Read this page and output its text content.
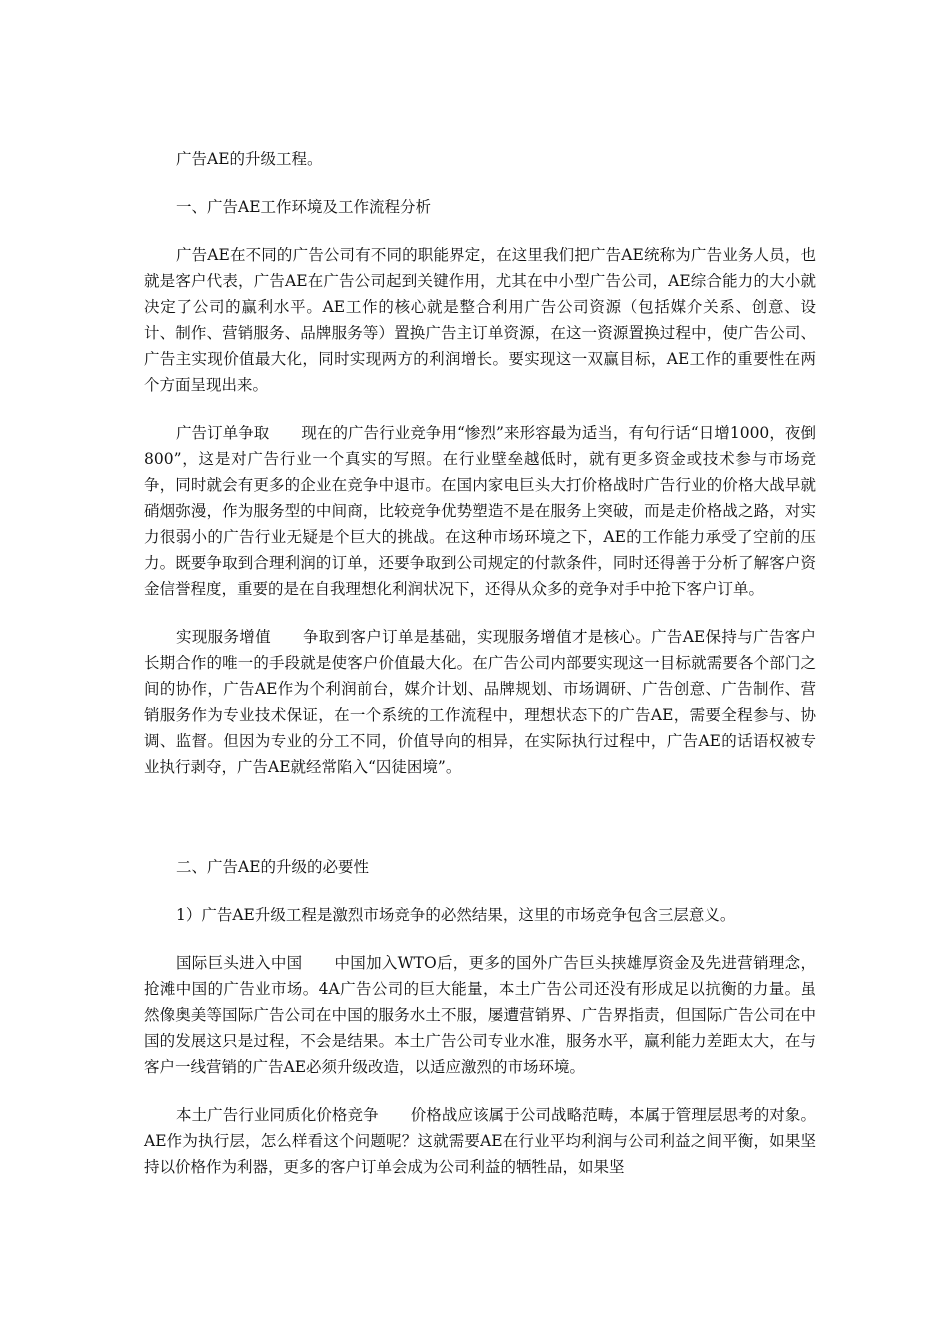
广告AE的升级工程。

一、广告AE工作环境及工作流程分析

广告AE在不同的广告公司有不同的职能界定，在这里我们把广告AE统称为广告业务人员，也就是客户代表，广告AE在广告公司起到关键作用，尤其在中小型广告公司，AE综合能力的大小就决定了公司的赢利水平。AE工作的核心就是整合利用广告公司资源（包括媒介关系、创意、设计、制作、营销服务、品牌服务等）置换广告主订单资源，在这一资源置换过程中，使广告公司、广告主实现价值最大化，同时实现两方的利润增长。要实现这一双赢目标，AE工作的重要性在两个方面呈现出来。

广告订单争取 现在的广告行业竞争用“惨烈”来形容最为适当，有句行话“日增1000，夜倒800”，这是对广告行业一个真实的写照。在行业壁垒越低时，就有更多资金或技术参与市场竞争，同时就会有更多的企业在竞争中退市。在国内家电巨头大打价格战时广告行业的价格大战早就硝烟弥漫，作为服务型的中间商，比较竞争优势塑造不是在服务上突破，而是走价格战之路，对实力很弱小的广告行业无疑是个巨大的挑战。在这种市场环境之下，AE的工作能力承受了空前的压力。既要争取到合理利润的订单，还要争取到公司规定的付款条件，同时还得善于分析了解客户资金信誉程度，重要的是在自我理想化利润状况下，还得从众多的竞争对手中抢下客户订单。

实现服务增值 争取到客户订单是基础，实现服务增值才是核心。广告AE保持与广告客户长期合作的唯一的手段就是使客户价值最大化。在广告公司内部要实现这一目标就需要各个部门之间的协作，广告AE作为个利润前台，媒介计划、品牌规划、市场调研、广告创意、广告制作、营销服务作为专业技术保证，在一个系统的工作流程中，理想状态下的广告AE，需要全程参与、协调、监督。但因为专业的分工不同，价值导向的相异，在实际执行过程中，广告AE的话语权被专业执行剥夺，广告AE就经常陷入“囚徒困境”。

二、广告AE的升级的必要性

1）广告AE升级工程是激烈市场竞争的必然结果，这里的市场竞争包含三层意义。

国际巨头进入中国 中国加入WTO后，更多的国外广告巨头挟雄厚资金及先进营销理念，抢滩中国的广告业市场。4A广告公司的巨大能量，本土广告公司还没有形成足以抗衡的力量。虽然像奥美等国际广告公司在中国的服务水土不服，屡遭营销界、广告界指责，但国际广告公司在中国的发展这只是过程，不会是结果。本土广告公司专业水准，服务水平，赢利能力差距太大，在与客户一线营销的广告AE必须升级改造，以适应激烈的市场环境。

本土广告行业同质化价格竞争 价格战应该属于公司战略范畴，本属于管理层思考的对象。AE作为执行层，怎么样看这个问题呢？这就需要AE在行业平均利润与公司利益之间平衡，如果坚持以价格作为利器，更多的客户订单会成为公司利益的牺牲品，如果坚
